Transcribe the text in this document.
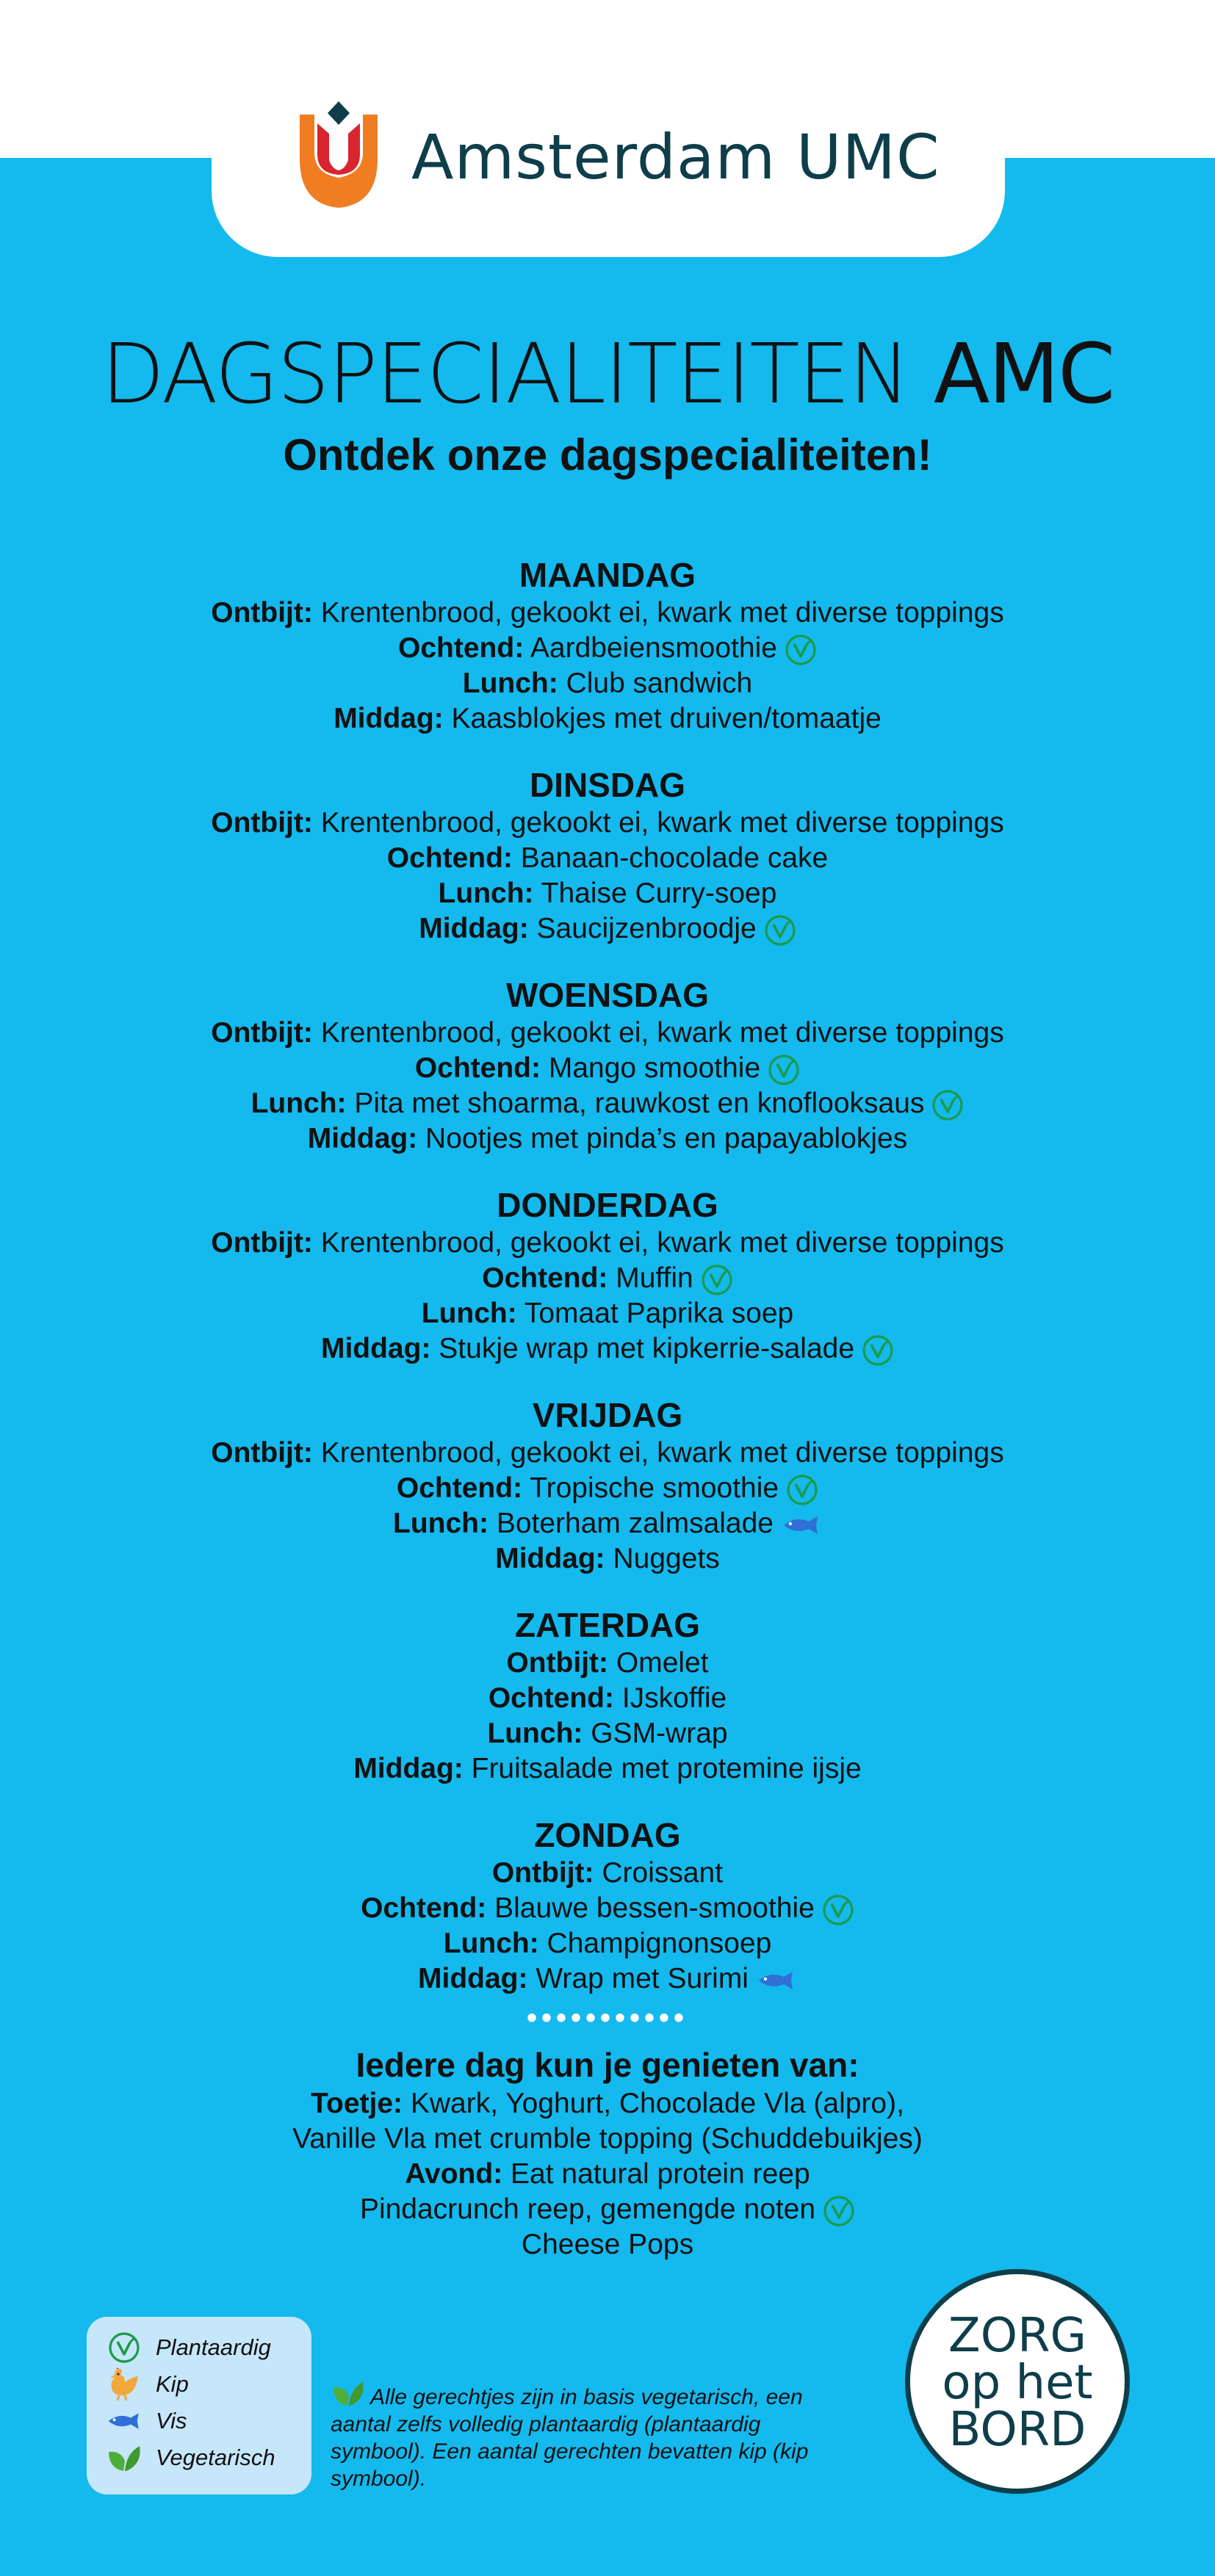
Amsterdam UMC
DAGSPECIALITEITEN AMC
Ontdek onze dagspecialiteiten!
MAANDAG
Ontbijt: Krentenbrood, gekookt ei, kwark met diverse toppings
Ochtend: Aardbeiensmoothie
Lunch: Club sandwich
Middag: Kaasblokjes met druiven/tomaatje
DINSDAG
Ontbijt: Krentenbrood, gekookt ei, kwark met diverse toppings
Ochtend: Banaan-chocolade cake
Lunch: Thaise Curry-soep
Middag: Saucijzenbroodje
WOENSDAG
Ontbijt: Krentenbrood, gekookt ei, kwark met diverse toppings
Ochtend: Mango smoothie
Lunch: Pita met shoarma, rauwkost en knoflooksaus
Middag: Nootjes met pinda’s en papayablokjes
DONDERDAG
Ontbijt: Krentenbrood, gekookt ei, kwark met diverse toppings
Ochtend: Muffin
Lunch: Tomaat Paprika soep
Middag: Stukje wrap met kipkerrie-salade
VRIJDAG
Ontbijt: Krentenbrood, gekookt ei, kwark met diverse toppings
Ochtend: Tropische smoothie
Lunch: Boterham zalmsalade
Middag: Nuggets
ZATERDAG
Ontbijt: Omelet
Ochtend: IJskoffie
Lunch: GSM-wrap
Middag: Fruitsalade met protemine ijsje
ZONDAG
Ontbijt: Croissant
Ochtend: Blauwe bessen-smoothie
Lunch: Champignonsoep
Middag: Wrap met Surimi
•••••••••••
Iedere dag kun je genieten van:
Toetje: Kwark, Yoghurt, Chocolade Vla (alpro),
Vanille Vla met crumble topping (Schuddebuikjes)
Avond: Eat natural protein reep
Pindacrunch reep, gemengde noten
Cheese Pops
Plantaardig
Kip
Vis
Vegetarisch
Alle gerechtjes zijn in basis vegetarisch, een aantal zelfs volledig plantaardig (plantaardig symbool). Een aantal gerechten bevatten kip (kip symbool).
ZORG
op het
BORD
